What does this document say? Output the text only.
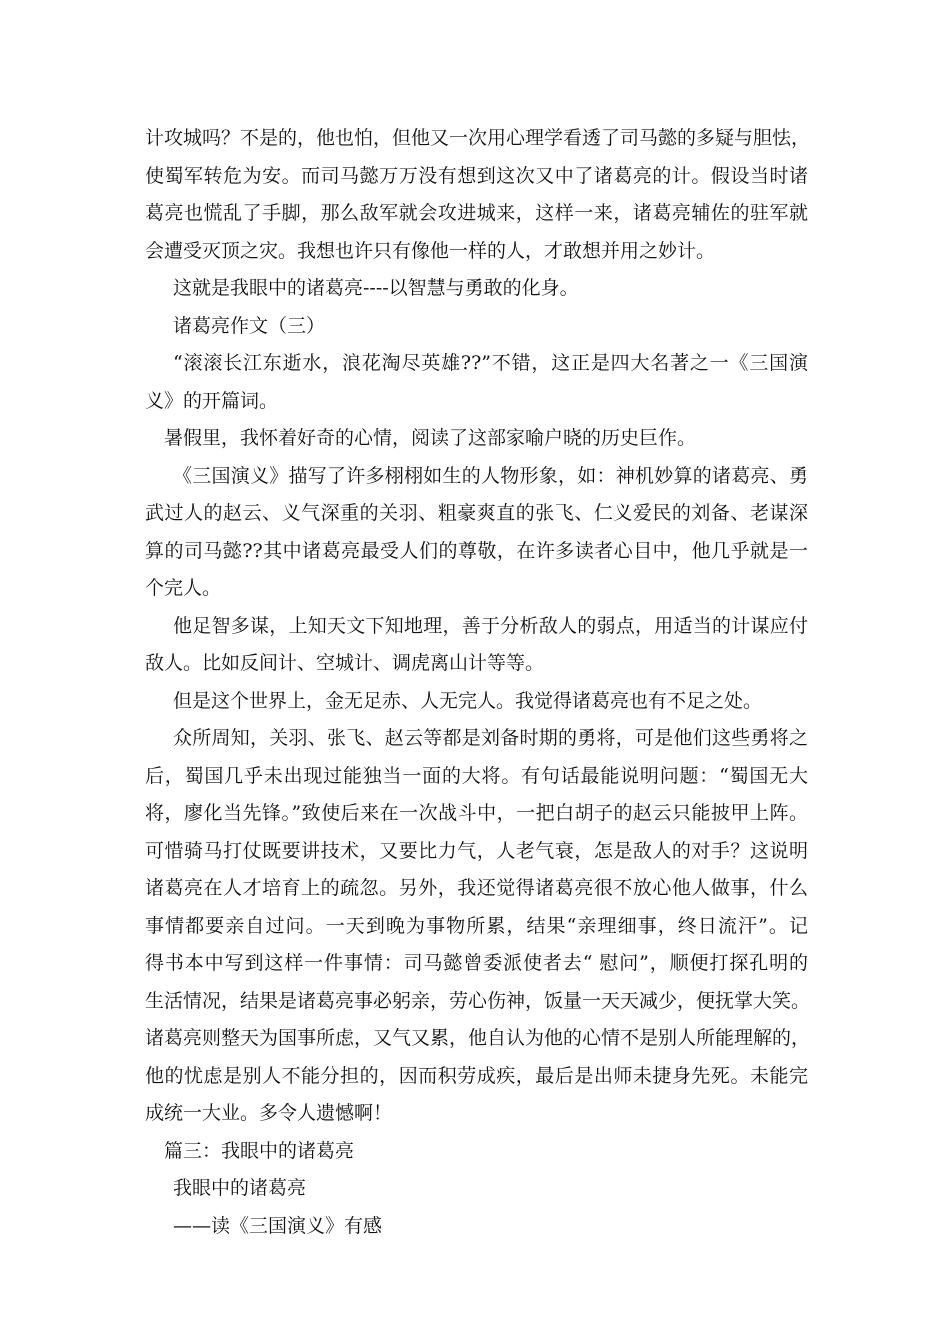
计攻城吗？不是的，他也怕，但他又一次用心理学看透了司马懿的多疑与胆怯，
使蜀军转危为安。而司马懿万万没有想到这次又中了诸葛亮的计。假设当时诸
葛亮也慌乱了手脚，那么敌军就会攻进城来，这样一来，诸葛亮辅佐的驻军就
会遭受灭顶之灾。我想也许只有像他一样的人，才敢想并用之妙计。
这就是我眼中的诸葛亮----以智慧与勇敢的化身。
诸葛亮作文（三）
“滚滚长江东逝水，浪花淘尽英雄??”不错，这正是四大名著之一《三国演
义》的开篇词。
暑假里，我怀着好奇的心情，阅读了这部家喻户晓的历史巨作。
《三国演义》描写了许多栩栩如生的人物形象，如：神机妙算的诸葛亮、勇
武过人的赵云、义气深重的关羽、粗豪爽直的张飞、仁义爱民的刘备、老谋深
算的司马懿??其中诸葛亮最受人们的尊敬，在许多读者心目中，他几乎就是一
个完人。
他足智多谋，上知天文下知地理，善于分析敌人的弱点，用适当的计谋应付
敌人。比如反间计、空城计、调虎离山计等等。
但是这个世界上，金无足赤、人无完人。我觉得诸葛亮也有不足之处。
众所周知，关羽、张飞、赵云等都是刘备时期的勇将，可是他们这些勇将之
后，蜀国几乎未出现过能独当一面的大将。有句话最能说明问题：“蜀国无大
将，廖化当先锋。”致使后来在一次战斗中，一把白胡子的赵云只能披甲上阵。
可惜骑马打仗既要讲技术，又要比力气，人老气衰，怎是敌人的对手？这说明
诸葛亮在人才培育上的疏忽。另外，我还觉得诸葛亮很不放心他人做事，什么
事情都要亲自过问。一天到晚为事物所累，结果“亲理细事，终日流汗”。记
得书本中写到这样一件事情：司马懿曾委派使者去“ 慰问”，顺便打探孔明的
生活情况，结果是诸葛亮事必躬亲，劳心伤神，饭量一天天减少，便抚掌大笑。
诸葛亮则整天为国事所虑，又气又累，他自认为他的心情不是别人所能理解的，
他的忧虑是别人不能分担的，因而积劳成疾，最后是出师未捷身先死。未能完
成统一大业。多令人遗憾啊！
篇三：我眼中的诸葛亮
我眼中的诸葛亮
——读《三国演义》有感
